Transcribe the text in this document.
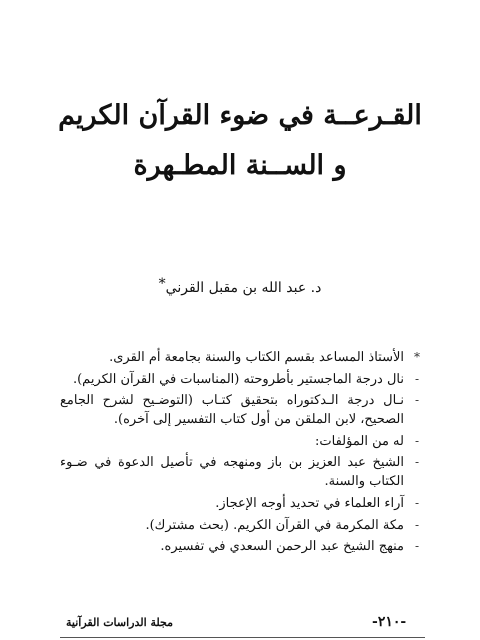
القـرعــة في ضوء القرآن الكريم
و الســنة المطـهرة
د. عبد الله بن مقبل القرني*
*
الأستاذ المساعد بقسم الكتاب والسنة بجامعة أم القرى.
-
نال درجة الماجستير بأطروحته (المناسبات في القرآن الكريم).
-
نـال درجة الـدكتوراه بتحقيق كتـاب (التوضـيح لشرح الجامع الصحيح، لابن الملقن من أول كتاب التفسير إلى آخره).
-
له من المؤلفات:
-
الشيخ عبد العزيز بن باز ومنهجه في تأصيل الدعوة في ضـوء الكتاب والسنة.
-
آراء العلماء في تحديد أوجه الإعجاز.
-
مكة المكرمة في القرآن الكريم. (بحث مشترك).
-
منهج الشيخ عبد الرحمن السعدي في تفسيره.
مجلة الدراسات القرآنية	-٢١٠-
